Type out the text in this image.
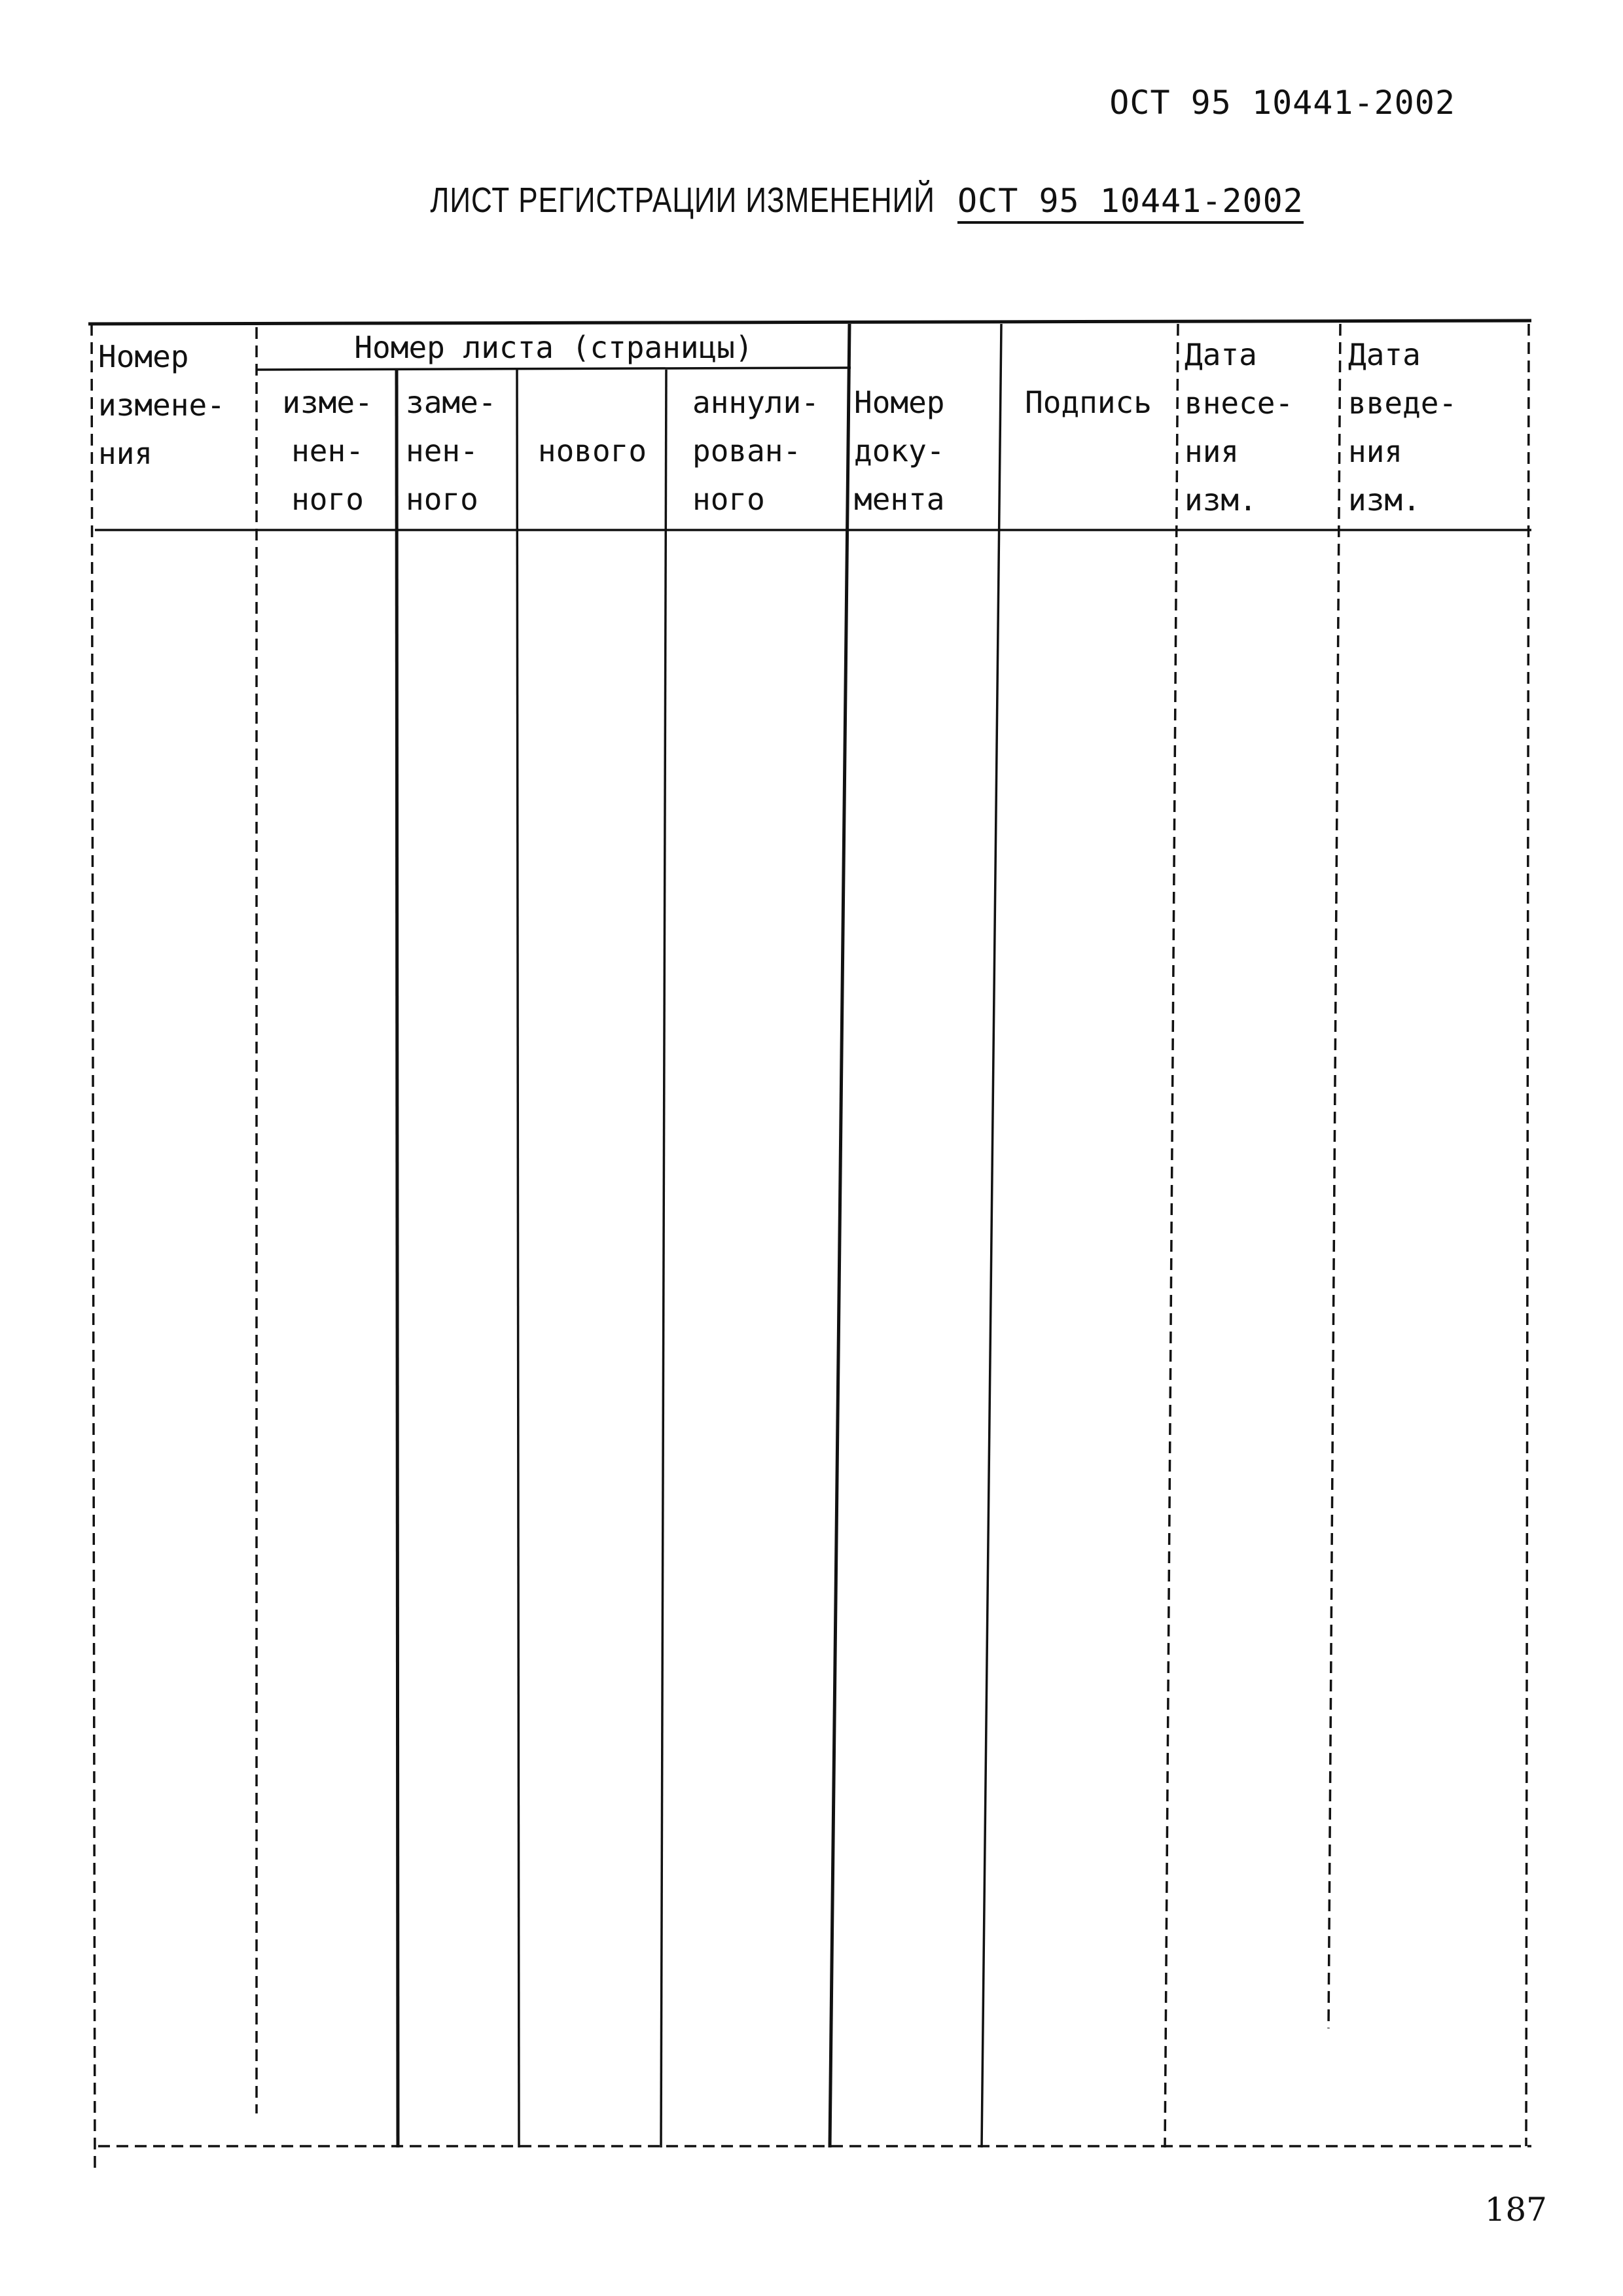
ОСТ 95 10441-2002
ЛИСТ РЕГИСТРАЦИИ ИЗМЕНЕНИЙ ОСТ 95 10441-2002
Номер
измене-
ния
Номер листа (страницы)
изме-
нен-
ного
заме-
нен-
ного
нового
аннули-
рован-
ного
Номер
доку-
мента
Подпись
Дата
внесе-
ния
изм.
Дата
введе-
ния
изм.
187
